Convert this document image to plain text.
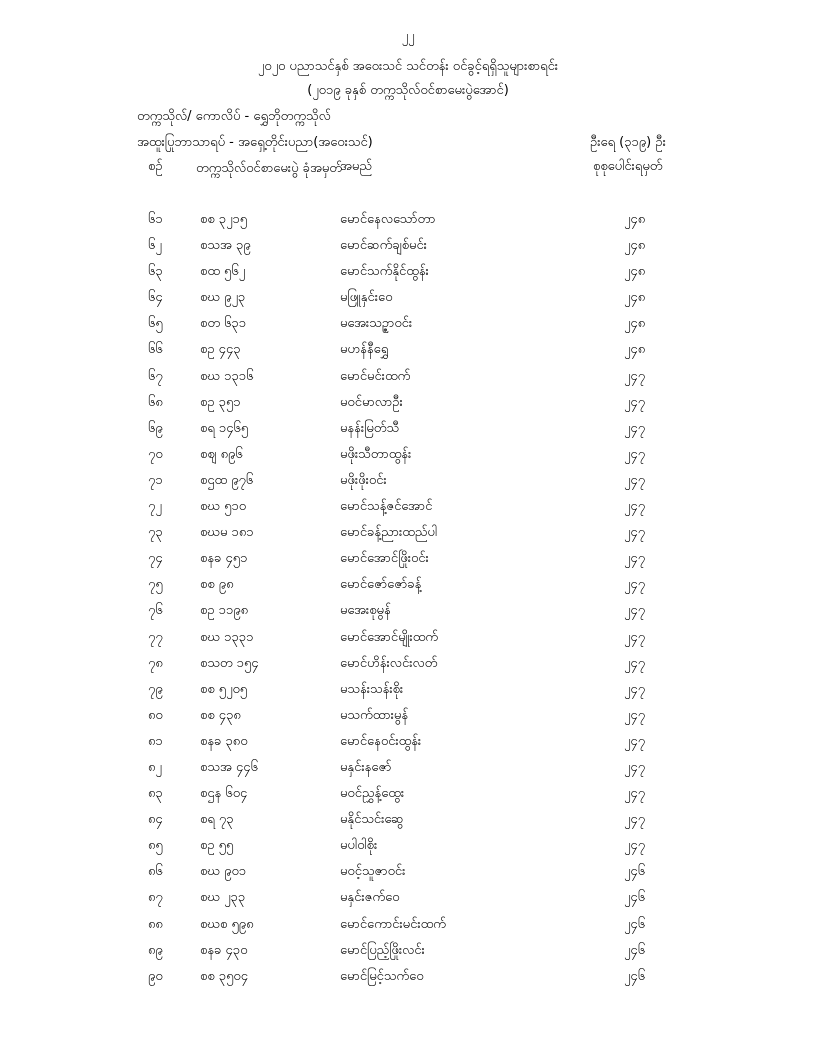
၂၂
၂၀၂၀ ပညာသင်နှစ် အဝေးသင် သင်တန်း ဝင်ခွင့်ရရှိသူများစာရင်း
(၂၀၁၉ ခုနှစ် တက္ကသိုလ်ဝင်စာမေးပွဲအောင်)
တက္ကသိုလ်/ ကောလိပ် - ရွှေဘိုတက္ကသိုလ်
အထူးပြုဘာသာရပ် - အရှေ့တိုင်းပညာ(အဝေးသင်)	ဦးရေ (၃၁၉) ဦး
စဉ်	တက္ကသိုလ်ဝင်စာမေးပွဲ ခုံအမှတ်
အမည်	စုစုပေါင်းရမှတ်
၆၁	စစ ၃၂၁၅	မောင်နေလသော်တာ	၂၄၈
၆၂	စသအ ၃၉	မောင်ဆက်ချစ်မင်း	၂၄၈
၆၃	စထ ၅၆၂	မောင်သက်နိုင်ထွန်း	၂၄၈
၆၄	စဃ ၉၂၃	မဖြူနှင်းဝေ	၂၄၈
၆၅	စတ ၆၃၁	မအေးသဥ္ဇာဝင်း	၂၄၈
၆၆	စဥ ၄၄၃	မဟန်နီရွှေ	၂၄၈
၆၇	စဃ ၁၃၁၆	မောင်မင်းထက်	၂၄၇
၆၈	စဥ ၃၅၁	မဝင်မာလာဦး	၂၄၇
၆၉	စရ ၁၄၆၅	မနန်းမြတ်သီ	၂၄၇
၇၀	စဈ ၈၉၆	မဖိုးသီတာထွန်း	၂၄၇
၇၁	စဌထ ၉၇၆	မဖိုးဖိုးဝင်း	၂၄၇
၇၂	စဃ ၅၁၀	မောင်သန့်ဇင်အောင်	၂၄၇
၇၃	စဃမ ၁၈၁	မောင်ခန့်ညားထည်ပါ	၂၄၇
၇၄	စနခ ၄၅၁	မောင်အောင်ဖြိုးဝင်း	၂၄၇
၇၅	စစ ၉၈	မောင်ဇော်ဇော်ခန့်	၂၄၇
၇၆	စဥ ၁၁၉၈	မအေးစုမွန်	၂၄၇
၇၇	စဃ ၁၃၃၁	မောင်အောင်မျိုးထက်	၂၄၇
၇၈	စသတ ၁၅၄	မောင်ဟိန်းလင်းလတ်	၂၄၇
၇၉	စစ ၅၂၀၅	မသန်းသန်းစိုး	၂၄၇
၈၀	စစ ၄၃၈	မသက်ထားမွန်	၂၄၇
၈၁	စနခ ၃၈၀	မောင်နေဝင်းထွန်း	၂၄၇
၈၂	စသအ ၄၄၆	မနှင်းနဇော်	၂၄၇
၈၃	စဌန ၆၀၄	မဝင်ညွှန့်ထွေး	၂၄၇
၈၄	စရ ၇၃	မနိုင်သင်းဆွေ	၂၄၇
၈၅	စဥ ၅၅	မပါဝါစိုး	၂၄၇
၈၆	စဃ ၉၀၁	မဝင့်သူဇာဝင်း	၂၄၆
၈၇	စဃ ၂၃၃	မနှင်းဇက်ဝေ	၂၄၆
၈၈	စဃစ ၅၉၈	မောင်ကောင်းမင်းထက်	၂၄၆
၈၉	စနခ ၄၃၀	မောင်ပြည့်ဖြိုးလင်း	၂၄၆
၉၀	စစ ၃၅၀၄	မောင်မြင့်သက်ဝေ	၂၄၆
